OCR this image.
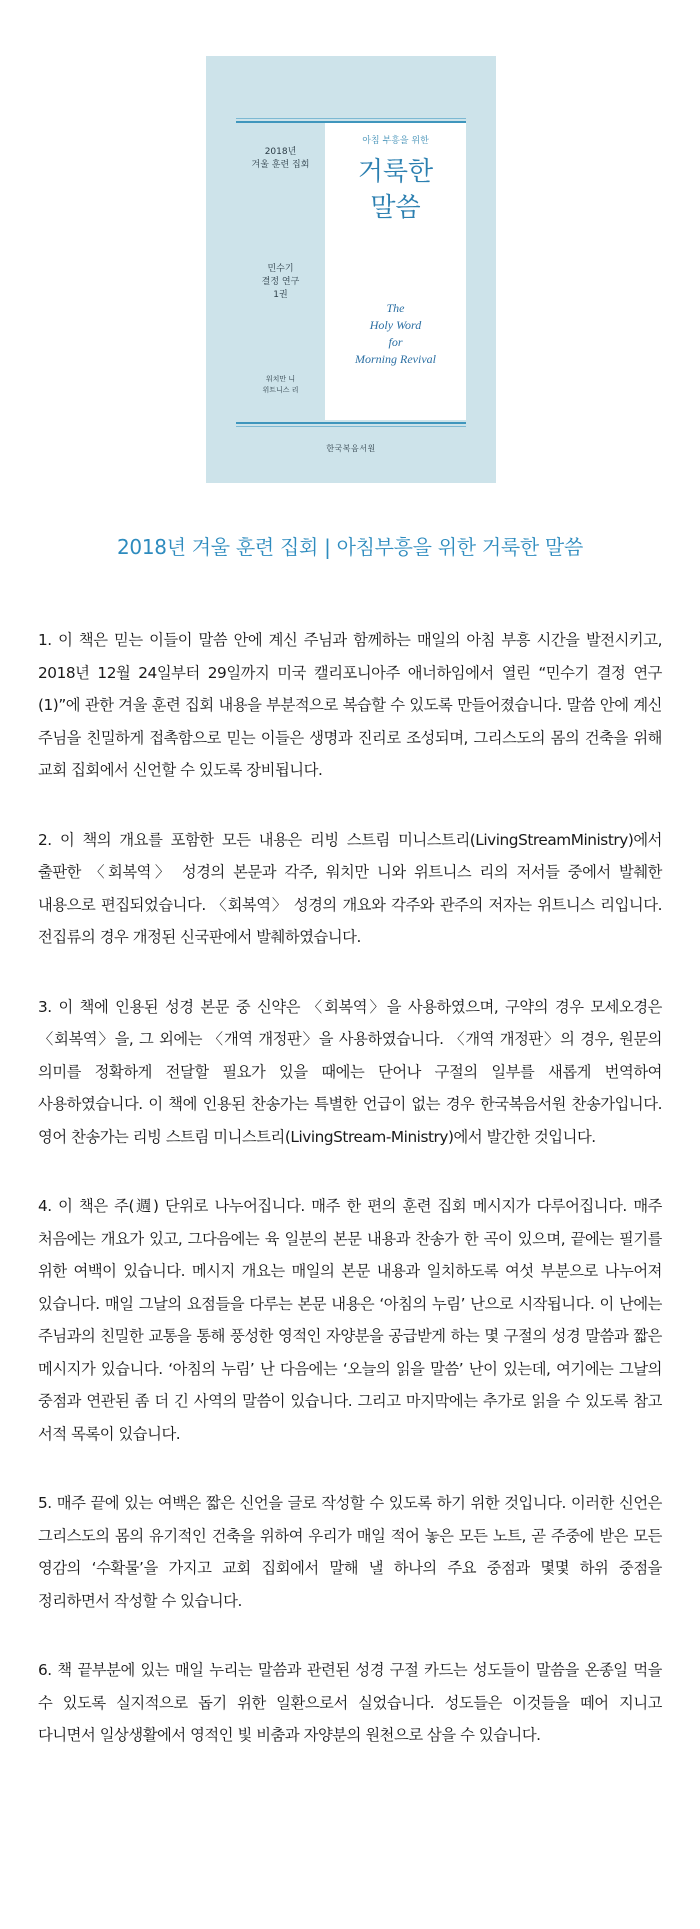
2018년
겨울 훈련 집회
민수기
결정 연구
1권
워치만 니
위트니스 리
아침 부흥을 위한
거룩한
말씀
The
Holy Word
for
Morning Revival
한국복음서원
2018년 겨울 훈련 집회 | 아침부흥을 위한 거룩한 말씀

1. 이 책은 믿는 이들이 말씀 안에 계신 주님과 함께하는 매일의 아침 부흥 시간을 발전시키고, 2018년 12월 24일부터 29일까지 미국 캘리포니아주 애너하임에서 열린 “민수기 결정 연구(1)”에 관한 겨울 훈련 집회 내용을 부분적으로 복습할 수 있도록 만들어졌습니다. 말씀 안에 계신 주님을 친밀하게 접촉함으로 믿는 이들은 생명과 진리로 조성되며, 그리스도의 몸의 건축을 위해 교회 집회에서 신언할 수 있도록 장비됩니다.

2. 이 책의 개요를 포함한 모든 내용은 리빙 스트림 미니스트리(LivingStreamMinistry)에서 출판한 〈회복역〉 성경의 본문과 각주, 워치만 니와 위트니스 리의 저서들 중에서 발췌한 내용으로 편집되었습니다. 〈회복역〉 성경의 개요와 각주와 관주의 저자는 위트니스 리입니다. 전집류의 경우 개정된 신국판에서 발췌하였습니다.

3. 이 책에 인용된 성경 본문 중 신약은 〈회복역〉을 사용하였으며, 구약의 경우 모세오경은 〈회복역〉을, 그 외에는 〈개역 개정판〉을 사용하였습니다. 〈개역 개정판〉의 경우, 원문의 의미를 정확하게 전달할 필요가 있을 때에는 단어나 구절의 일부를 새롭게 번역하여 사용하였습니다. 이 책에 인용된 찬송가는 특별한 언급이 없는 경우 한국복음서원 찬송가입니다. 영어 찬송가는 리빙 스트림 미니스트리(LivingStream-Ministry)에서 발간한 것입니다.

4. 이 책은 주(週) 단위로 나누어집니다. 매주 한 편의 훈련 집회 메시지가 다루어집니다. 매주 처음에는 개요가 있고, 그다음에는 육 일분의 본문 내용과 찬송가 한 곡이 있으며, 끝에는 필기를 위한 여백이 있습니다. 메시지 개요는 매일의 본문 내용과 일치하도록 여섯 부분으로 나누어져 있습니다. 매일 그날의 요점들을 다루는 본문 내용은 ‘아침의 누림’ 난으로 시작됩니다. 이 난에는 주님과의 친밀한 교통을 통해 풍성한 영적인 자양분을 공급받게 하는 몇 구절의 성경 말씀과 짧은 메시지가 있습니다. ‘아침의 누림’ 난 다음에는 ‘오늘의 읽을 말씀’ 난이 있는데, 여기에는 그날의 중점과 연관된 좀 더 긴 사역의 말씀이 있습니다. 그리고 마지막에는 추가로 읽을 수 있도록 참고 서적 목록이 있습니다.

5. 매주 끝에 있는 여백은 짧은 신언을 글로 작성할 수 있도록 하기 위한 것입니다. 이러한 신언은 그리스도의 몸의 유기적인 건축을 위하여 우리가 매일 적어 놓은 모든 노트, 곧 주중에 받은 모든 영감의 ‘수확물’을 가지고 교회 집회에서 말해 낼 하나의 주요 중점과 몇몇 하위 중점을 정리하면서 작성할 수 있습니다.

6. 책 끝부분에 있는 매일 누리는 말씀과 관련된 성경 구절 카드는 성도들이 말씀을 온종일 먹을 수 있도록 실지적으로 돕기 위한 일환으로서 실었습니다. 성도들은 이것들을 떼어 지니고 다니면서 일상생활에서 영적인 빛 비춤과 자양분의 원천으로 삼을 수 있습니다.
